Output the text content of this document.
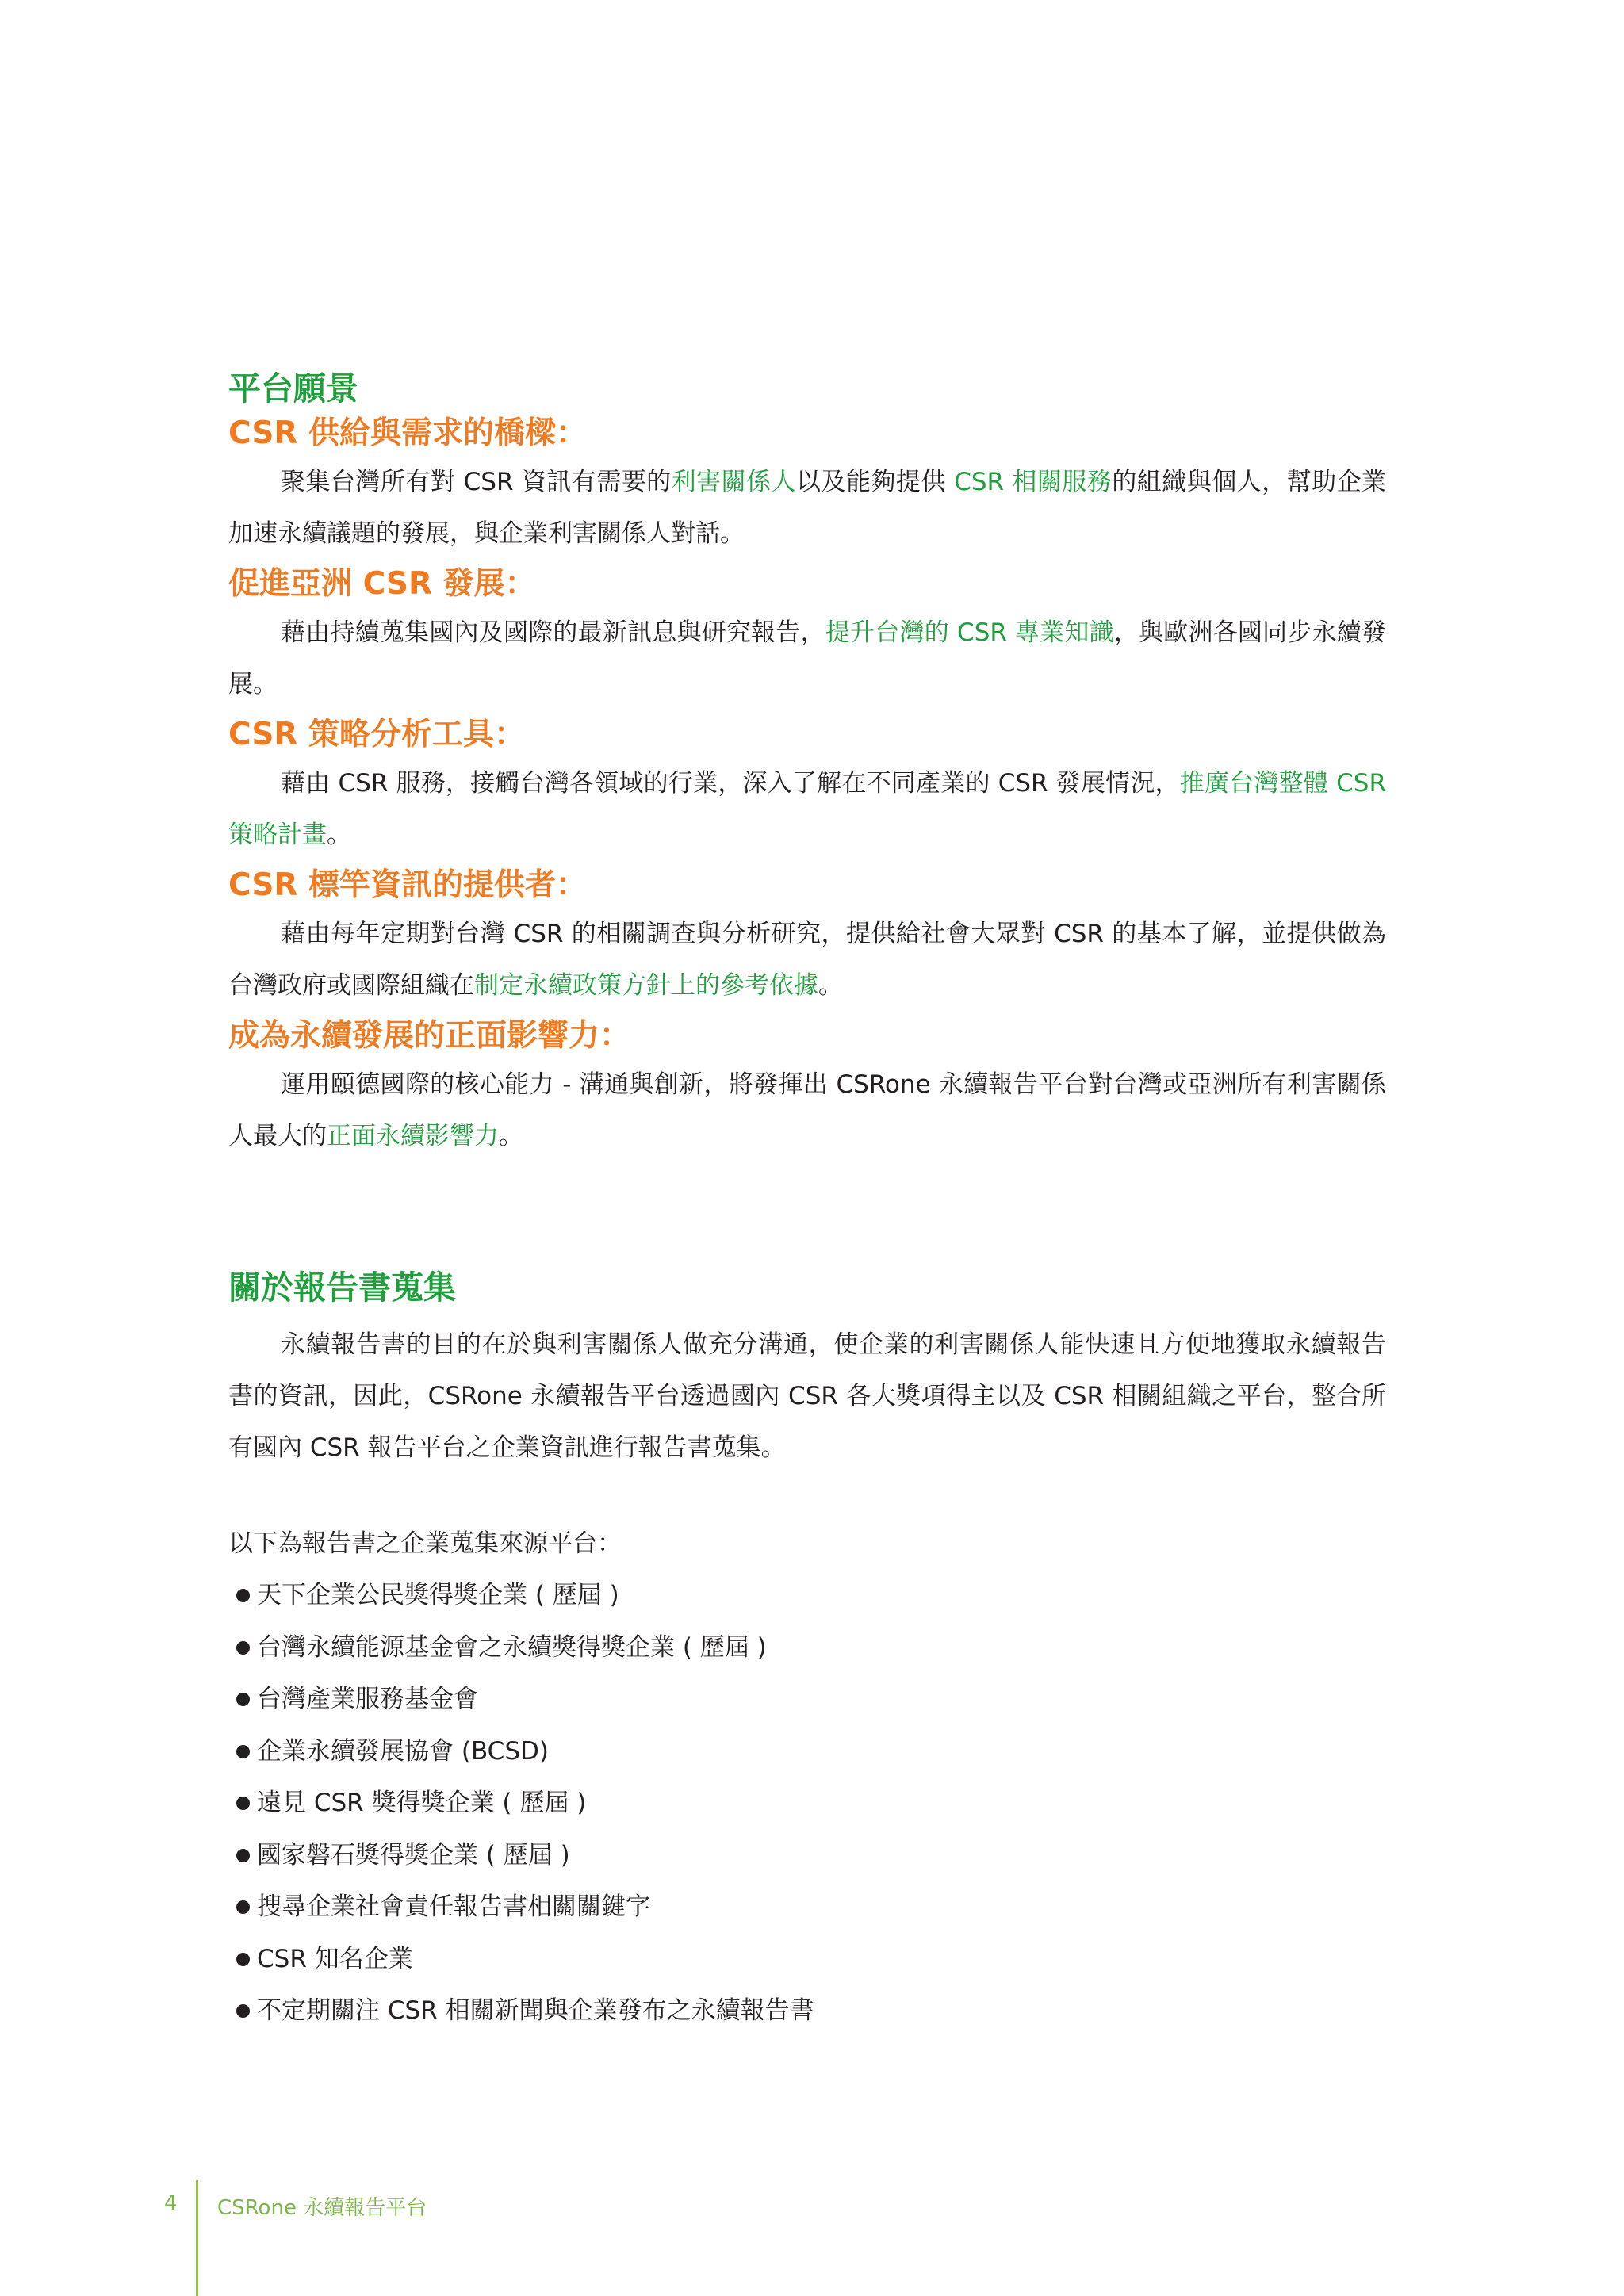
平台願景
CSR 供給與需求的橋樑：

聚集台灣所有對 CSR 資訊有需要的利害關係人以及能夠提供 CSR 相關服務的組織與個人，幫助企業加速永續議題的發展，與企業利害關係人對話。

促進亞洲 CSR 發展：

藉由持續蒐集國內及國際的最新訊息與研究報告，提升台灣的 CSR 專業知識，與歐洲各國同步永續發展。

CSR 策略分析工具：

藉由 CSR 服務，接觸台灣各領域的行業，深入了解在不同產業的 CSR 發展情況，推廣台灣整體 CSR 策略計畫。

CSR 標竿資訊的提供者：

藉由每年定期對台灣 CSR 的相關調查與分析研究，提供給社會大眾對 CSR 的基本了解，並提供做為台灣政府或國際組織在制定永續政策方針上的參考依據。

成為永續發展的正面影響力：

運用頤德國際的核心能力 - 溝通與創新，將發揮出 CSRone 永續報告平台對台灣或亞洲所有利害關係人最大的正面永續影響力。

關於報告書蒐集

永續報告書的目的在於與利害關係人做充分溝通，使企業的利害關係人能快速且方便地獲取永續報告書的資訊，因此，CSRone 永續報告平台透過國內 CSR 各大獎項得主以及 CSR 相關組織之平台，整合所有國內 CSR 報告平台之企業資訊進行報告書蒐集。

以下為報告書之企業蒐集來源平台：

天下企業公民獎得獎企業 ( 歷屆 )
台灣永續能源基金會之永續獎得獎企業 ( 歷屆 )
台灣產業服務基金會
企業永續發展協會 (BCSD)
遠見 CSR 獎得獎企業 ( 歷屆 )
國家磐石獎得獎企業 ( 歷屆 )
搜尋企業社會責任報告書相關關鍵字
CSR 知名企業
不定期關注 CSR 相關新聞與企業發布之永續報告書
4 CSRone 永續報告平台
